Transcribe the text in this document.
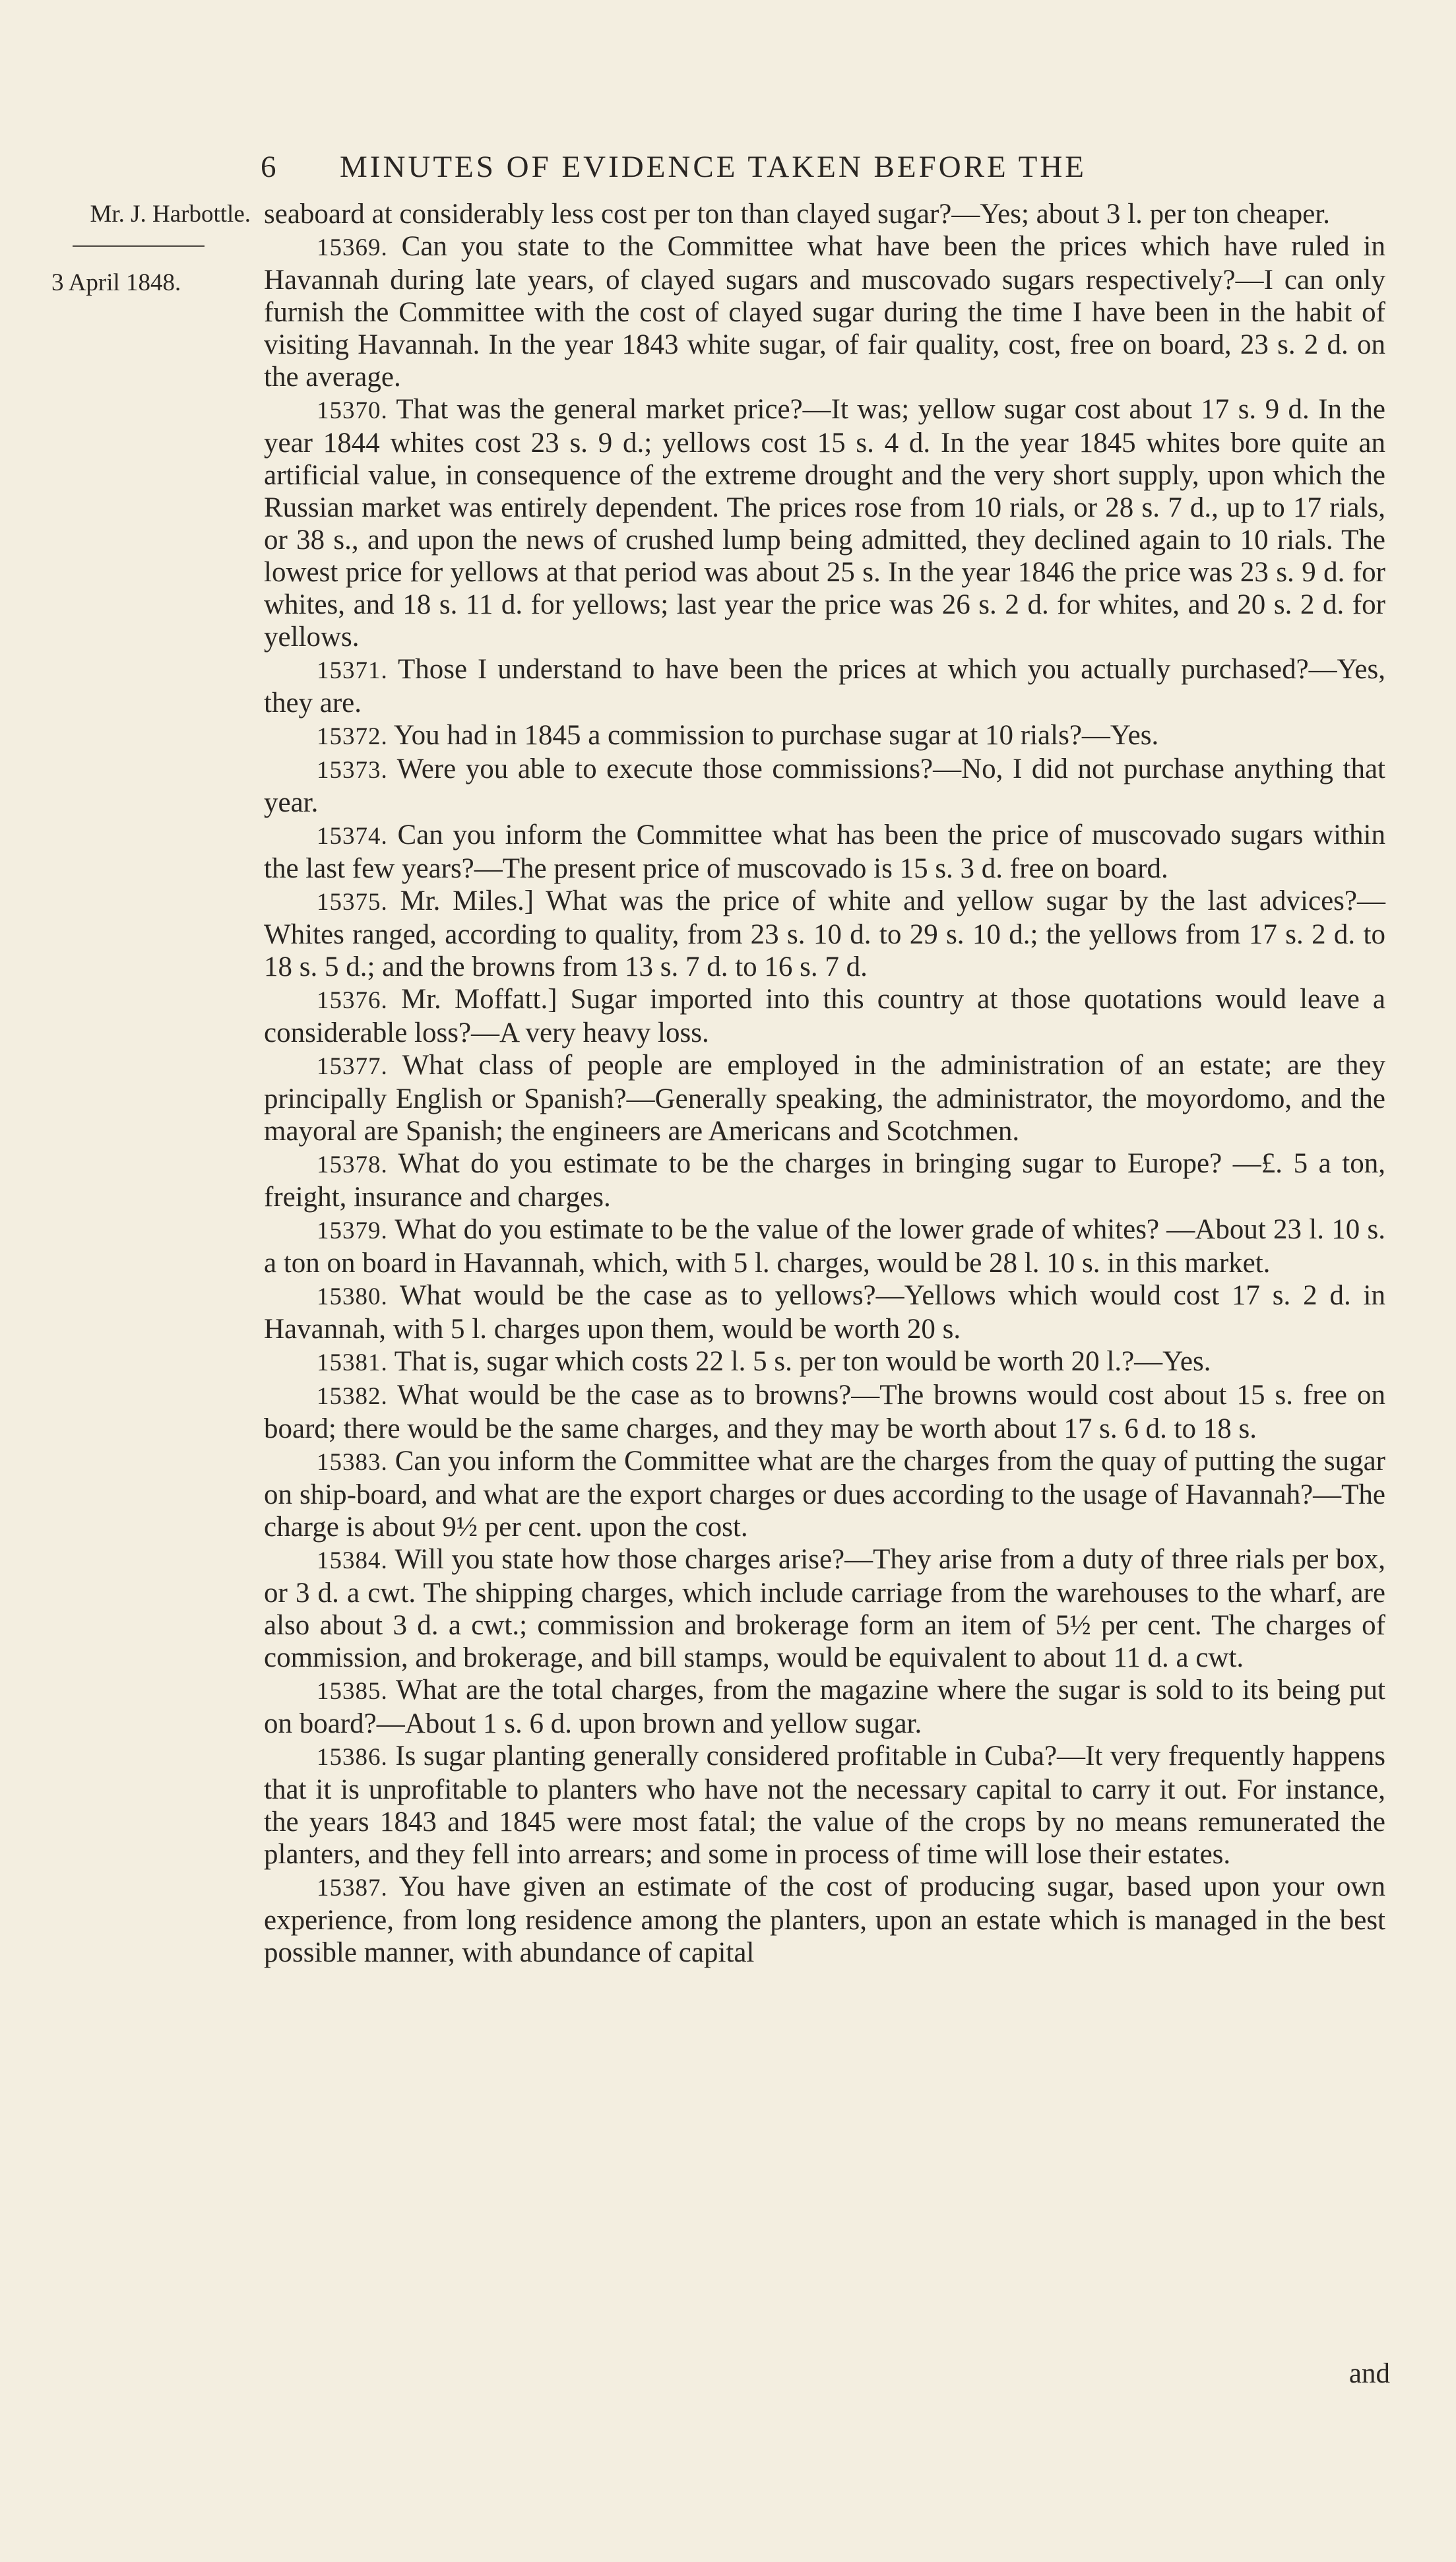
6 MINUTES OF EVIDENCE TAKEN BEFORE THE
Mr. J. Harbottle.
3 April 1848.

seaboard at considerably less cost per ton than clayed sugar?—Yes; about 3 l. per ton cheaper.

15369. Can you state to the Committee what have been the prices which have ruled in Havannah during late years, of clayed sugars and muscovado sugars respectively?—I can only furnish the Committee with the cost of clayed sugar during the time I have been in the habit of visiting Havannah. In the year 1843 white sugar, of fair quality, cost, free on board, 23 s. 2 d. on the average.

15370. That was the general market price?—It was; yellow sugar cost about 17 s. 9 d. In the year 1844 whites cost 23 s. 9 d.; yellows cost 15 s. 4 d. In the year 1845 whites bore quite an artificial value, in consequence of the extreme drought and the very short supply, upon which the Russian market was entirely dependent. The prices rose from 10 rials, or 28 s. 7 d., up to 17 rials, or 38 s., and upon the news of crushed lump being admitted, they declined again to 10 rials. The lowest price for yellows at that period was about 25 s. In the year 1846 the price was 23 s. 9 d. for whites, and 18 s. 11 d. for yellows; last year the price was 26 s. 2 d. for whites, and 20 s. 2 d. for yellows.

15371. Those I understand to have been the prices at which you actually purchased?—Yes, they are.

15372. You had in 1845 a commission to purchase sugar at 10 rials?—Yes.

15373. Were you able to execute those commissions?—No, I did not purchase anything that year.

15374. Can you inform the Committee what has been the price of muscovado sugars within the last few years?—The present price of muscovado is 15 s. 3 d. free on board.

15375. Mr. Miles.] What was the price of white and yellow sugar by the last advices?—Whites ranged, according to quality, from 23 s. 10 d. to 29 s. 10 d.; the yellows from 17 s. 2 d. to 18 s. 5 d.; and the browns from 13 s. 7 d. to 16 s. 7 d.

15376. Mr. Moffatt.] Sugar imported into this country at those quotations would leave a considerable loss?—A very heavy loss.

15377. What class of people are employed in the administration of an estate; are they principally English or Spanish?—Generally speaking, the administrator, the moyordomo, and the mayoral are Spanish; the engineers are Americans and Scotchmen.

15378. What do you estimate to be the charges in bringing sugar to Europe? —£. 5 a ton, freight, insurance and charges.

15379. What do you estimate to be the value of the lower grade of whites? —About 23 l. 10 s. a ton on board in Havannah, which, with 5 l. charges, would be 28 l. 10 s. in this market.

15380. What would be the case as to yellows?—Yellows which would cost 17 s. 2 d. in Havannah, with 5 l. charges upon them, would be worth 20 s.

15381. That is, sugar which costs 22 l. 5 s. per ton would be worth 20 l.?—Yes.

15382. What would be the case as to browns?—The browns would cost about 15 s. free on board; there would be the same charges, and they may be worth about 17 s. 6 d. to 18 s.

15383. Can you inform the Committee what are the charges from the quay of putting the sugar on ship-board, and what are the export charges or dues according to the usage of Havannah?—The charge is about 9½ per cent. upon the cost.

15384. Will you state how those charges arise?—They arise from a duty of three rials per box, or 3 d. a cwt. The shipping charges, which include carriage from the warehouses to the wharf, are also about 3 d. a cwt.; commission and brokerage form an item of 5½ per cent. The charges of commission, and brokerage, and bill stamps, would be equivalent to about 11 d. a cwt.

15385. What are the total charges, from the magazine where the sugar is sold to its being put on board?—About 1 s. 6 d. upon brown and yellow sugar.

15386. Is sugar planting generally considered profitable in Cuba?—It very frequently happens that it is unprofitable to planters who have not the necessary capital to carry it out. For instance, the years 1843 and 1845 were most fatal; the value of the crops by no means remunerated the planters, and they fell into arrears; and some in process of time will lose their estates.

15387. You have given an estimate of the cost of producing sugar, based upon your own experience, from long residence among the planters, upon an estate which is managed in the best possible manner, with abundance of capital

and
